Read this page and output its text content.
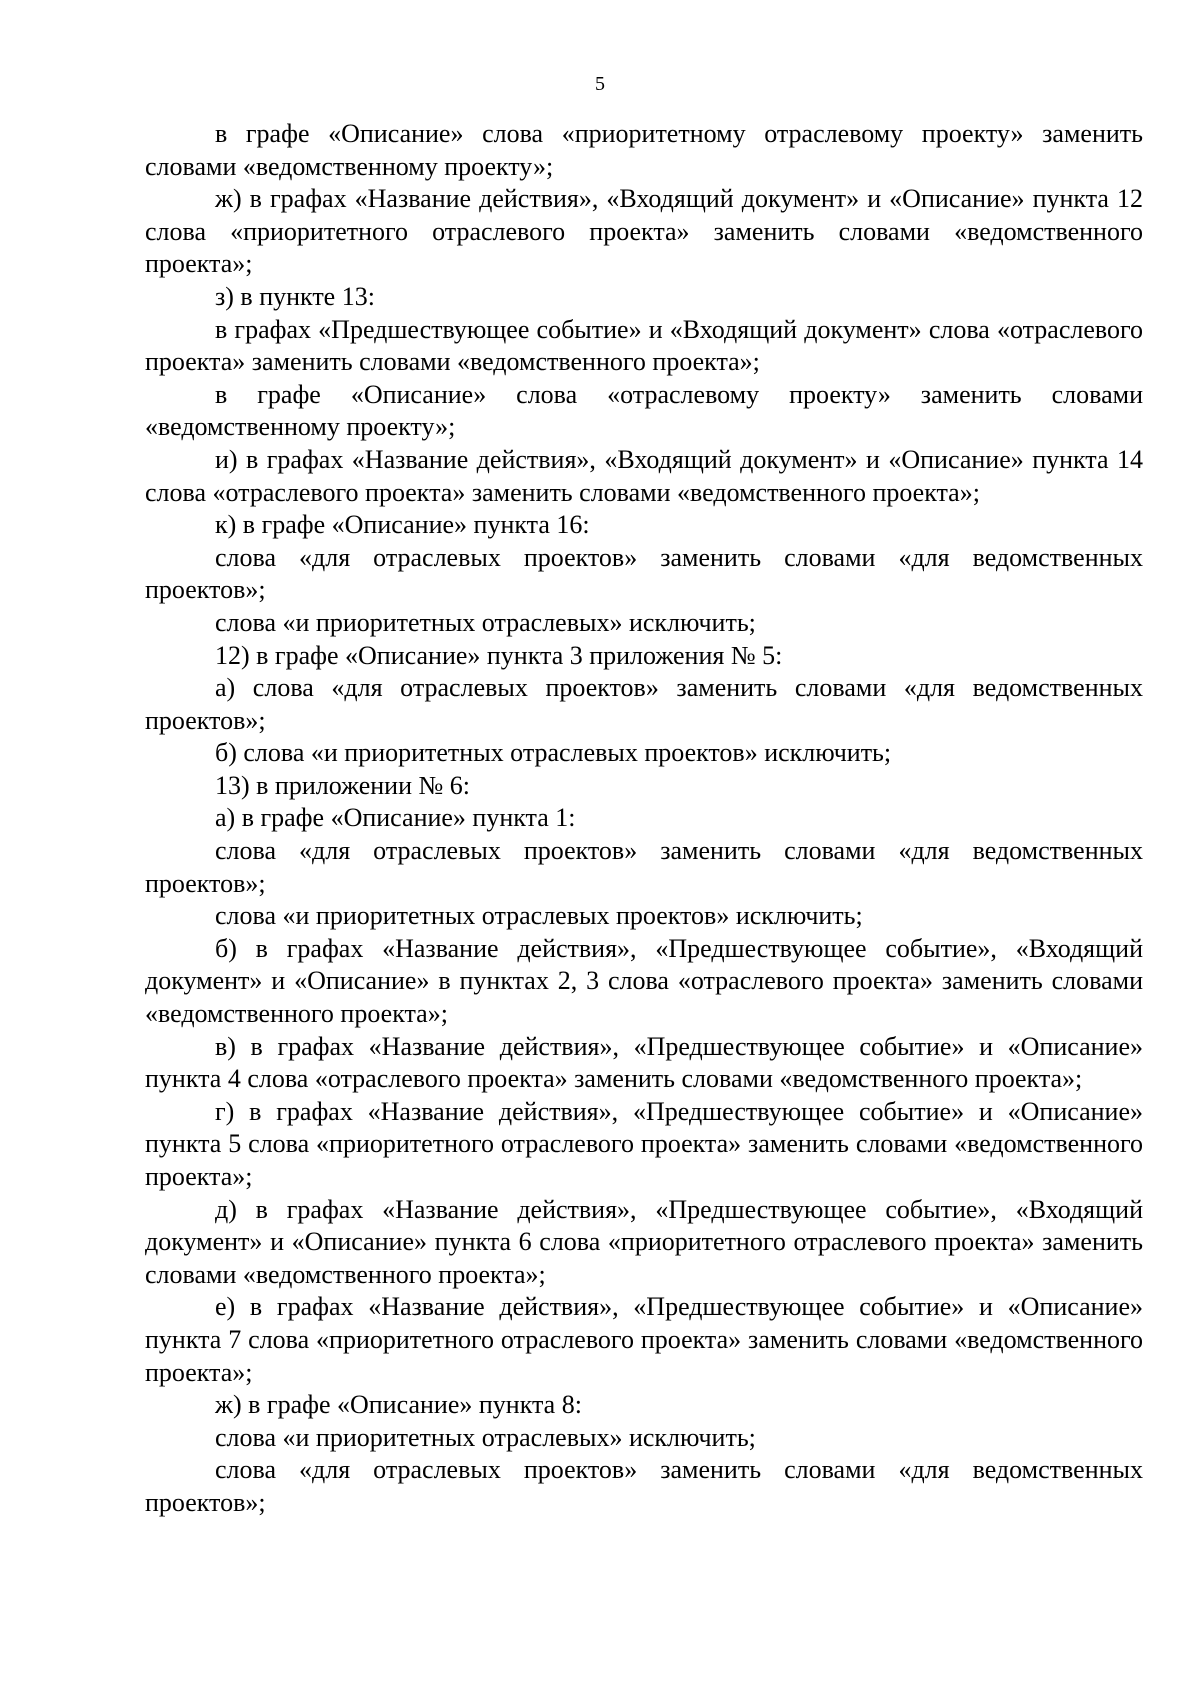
5

в графе «Описание» слова «приоритетному отраслевому проекту» заменить словами «ведомственному проекту»;

ж) в графах «Название действия», «Входящий документ» и «Описание» пункта 12 слова «приоритетного отраслевого проекта» заменить словами «ведомственного проекта»;

з) в пункте 13:

в графах «Предшествующее событие» и «Входящий документ» слова «отраслевого проекта» заменить словами «ведомственного проекта»;

в графе «Описание» слова «отраслевому проекту» заменить словами «ведомственному проекту»;

и) в графах «Название действия», «Входящий документ» и «Описание» пункта 14 слова «отраслевого проекта» заменить словами «ведомственного проекта»;

к) в графе «Описание» пункта 16:

слова «для отраслевых проектов» заменить словами «для ведомственных проектов»;

слова «и приоритетных отраслевых» исключить;

12) в графе «Описание» пункта 3 приложения № 5:

а) слова «для отраслевых проектов» заменить словами «для ведомственных проектов»;

б) слова «и приоритетных отраслевых проектов» исключить;

13) в приложении № 6:

а) в графе «Описание» пункта 1:

слова «для отраслевых проектов» заменить словами «для ведомственных проектов»;

слова «и приоритетных отраслевых проектов» исключить;

б) в графах «Название действия», «Предшествующее событие», «Входящий документ» и «Описание» в пунктах 2, 3 слова «отраслевого проекта» заменить словами «ведомственного проекта»;

в) в графах «Название действия», «Предшествующее событие» и «Описание» пункта 4 слова «отраслевого проекта» заменить словами «ведомственного проекта»;

г) в графах «Название действия», «Предшествующее событие» и «Описание» пункта 5 слова «приоритетного отраслевого проекта» заменить словами «ведомственного проекта»;

д) в графах «Название действия», «Предшествующее событие», «Входящий документ» и «Описание» пункта 6 слова «приоритетного отраслевого проекта» заменить словами «ведомственного проекта»;

е) в графах «Название действия», «Предшествующее событие» и «Описание» пункта 7 слова «приоритетного отраслевого проекта» заменить словами «ведомственного проекта»;

ж) в графе «Описание» пункта 8:

слова «и приоритетных отраслевых» исключить;

слова «для отраслевых проектов» заменить словами «для ведомственных проектов»;
